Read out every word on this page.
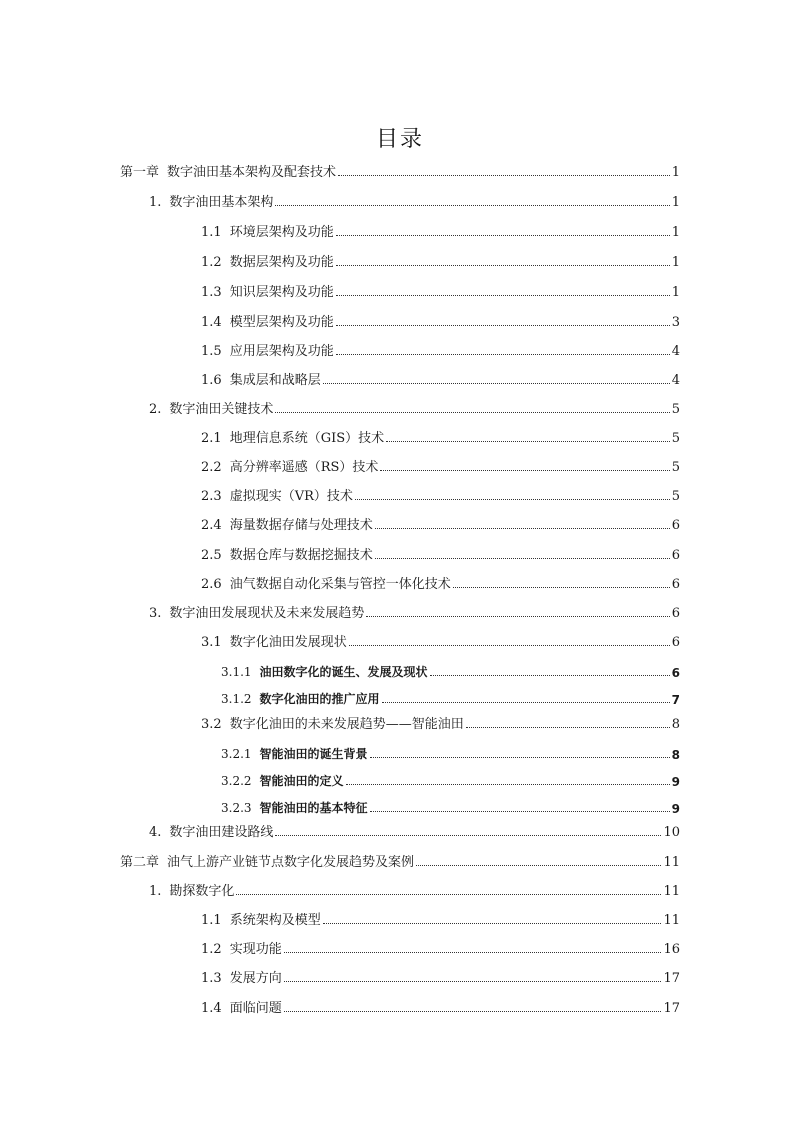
目录
第一章 数字油田基本架构及配套技术	1
1. 数字油田基本架构	1
1.1 环境层架构及功能	1
1.2 数据层架构及功能	1
1.3 知识层架构及功能	1
1.4 模型层架构及功能	3
1.5 应用层架构及功能	4
1.6 集成层和战略层	4
2. 数字油田关键技术	5
2.1 地理信息系统（GIS）技术	5
2.2 高分辨率遥感（RS）技术	5
2.3 虚拟现实（VR）技术	5
2.4 海量数据存储与处理技术	6
2.5 数据仓库与数据挖掘技术	6
2.6 油气数据自动化采集与管控一体化技术	6
3. 数字油田发展现状及未来发展趋势	6
3.1 数字化油田发展现状	6
3.1.1 油田数字化的诞生、发展及现状	6
3.1.2 数字化油田的推广应用	7
3.2 数字化油田的未来发展趋势——智能油田	8
3.2.1 智能油田的诞生背景	8
3.2.2 智能油田的定义	9
3.2.3 智能油田的基本特征	9
4. 数字油田建设路线	10
第二章 油气上游产业链节点数字化发展趋势及案例	11
1. 勘探数字化	11
1.1 系统架构及模型	11
1.2 实现功能	16
1.3 发展方向	17
1.4 面临问题	17
